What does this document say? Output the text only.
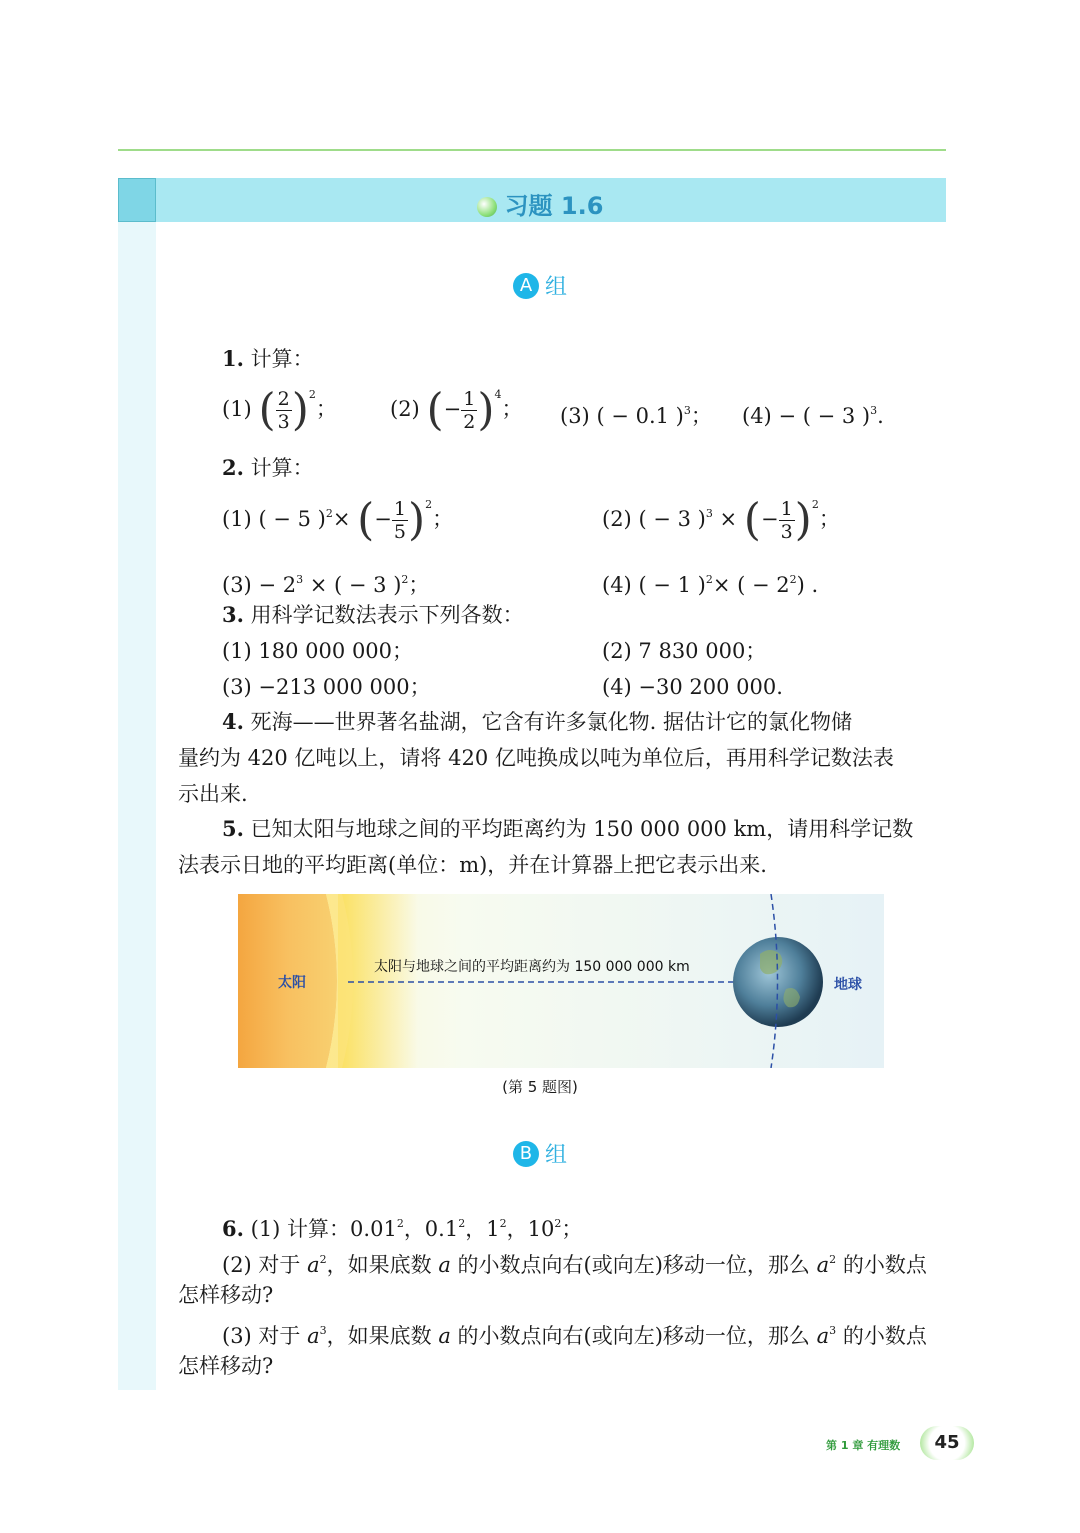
习题 1.6
A 组
1. 计算：
(1) ( $\frac{2}{3} )^2$；	(2) (− $\frac{1}{2} )^4$； (3) ( − 0.1 )$^3$； (4) − ( − 3 )$^3$.
2. 计算：
(1) ( − 5 )$^2$× (− $\frac{1}{5} )^2$；	(2) ( − 3 )$^3$ × (− $\frac{1}{3} )^2$；
$(3) - 2^3$ × ( − 3 )$^2$；	(4) ( − 1 )$^2$× ( − $2^2$) .
3. 用科学记数法表示下列各数：
(1) 180 000 000；	(2) 7 830 000；
(3) −213 000 000；	(4) −30 200 000.
4. 死海——世界著名盐湖，它含有许多氯化物. 据估计它的氯化物储
量约为 420 亿吨以上，请将 420 亿吨换成以吨为单位后，再用科学记数法表
示出来.
5. 已知太阳与地球之间的平均距离约为 150 000 000 km，请用科学记数
法表示日地的平均距离(单位：m)，并在计算器上把它表示出来.
太阳	地球
太阳与地球之间的平均距离约为 150 000 000 km
(第 5 题图)
B 组
6. (1) 计算：0.01$^2$，$0.1^2$，$1^2$，$10^2$；
(2) 对于 $a^2$，如果底数 a 的小数点向右(或向左)移动一位，那么 $a^2$ 的小数点
怎样移动?
(3) 对于 $a^3$，如果底数 a 的小数点向右(或向左)移动一位，那么 $a^3$ 的小数点
怎样移动?
第 1 章 有理数	45
